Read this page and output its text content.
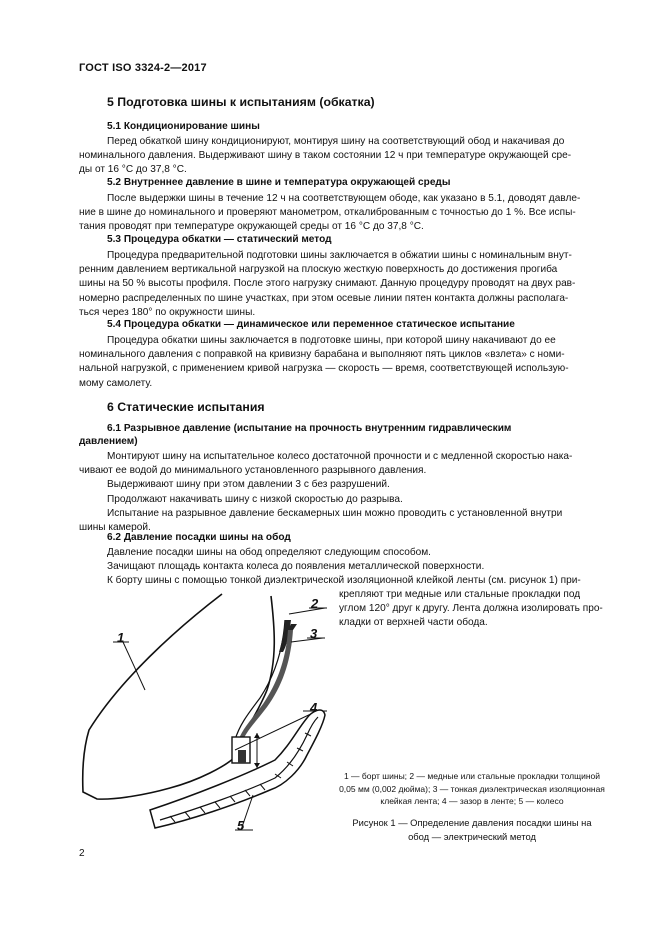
ГОСТ ISO 3324-2—2017
5 Подготовка шины к испытаниям (обкатка)
5.1 Кондиционирование шины
Перед обкаткой шину кондиционируют, монтируя шину на соответствующий обод и накачивая до
номинального давления. Выдерживают шину в таком состоянии 12 ч при температуре окружающей сре-
ды от 16 °С до 37,8 °С.
5.2 Внутреннее давление в шине и температура окружающей среды
После выдержки шины в течение 12 ч на соответствующем ободе, как указано в 5.1, доводят давле-
ние в шине до номинального и проверяют манометром, откалиброванным с точностью до 1 %. Все испы-
тания проводят при температуре окружающей среды от 16 °С до 37,8 °С.
5.3 Процедура обкатки — статический метод
Процедура предварительной подготовки шины заключается в обжатии шины с номинальным внут-
ренним давлением вертикальной нагрузкой на плоскую жесткую поверхность до достижения прогиба
шины на 50 % высоты профиля. После этого нагрузку снимают. Данную процедуру проводят на двух рав-
номерно распределенных по шине участках, при этом осевые линии пятен контакта должны располага-
ться через 180° по окружности шины.
5.4 Процедура обкатки — динамическое или переменное статическое испытание
Процедура обкатки шины заключается в подготовке шины, при которой шину накачивают до ее
номинального давления с поправкой на кривизну барабана и выполняют пять циклов «взлета» с номи-
нальной нагрузкой, с применением кривой нагрузка — скорость — время, соответствующей использую-
мому самолету.
6 Статические испытания
6.1 Разрывное давление (испытание на прочность внутренним гидравлическим
давлением)
Монтируют шину на испытательное колесо достаточной прочности и с медленной скоростью нака-
чивают ее водой до минимального установленного разрывного давления.
Выдерживают шину при этом давлении 3 с без разрушений.
Продолжают накачивать шину с низкой скоростью до разрыва.
Испытание на разрывное давление бескамерных шин можно проводить с установленной внутри
шины камерой.
6.2 Давление посадки шины на обод
Давление посадки шины на обод определяют следующим способом.
Зачищают площадь контакта колеса до появления металлической поверхности.
К борту шины с помощью тонкой диэлектрической изоляционной клейкой ленты (см. рисунок 1) при-
крепляют три медные или стальные прокладки под
углом 120° друг к другу. Лента должна изолировать про-
кладки от верхней части обода.
1
2
3
4
5
1 — борт шины; 2 — медные или стальные прокладки толщиной
0,05 мм (0,002 дюйма); 3 — тонкая диэлектрическая изоляционная
клейкая лента; 4 — зазор в ленте; 5 — колесо
Рисунок 1 — Определение давления посадки шины на
обод — электрический метод
2
